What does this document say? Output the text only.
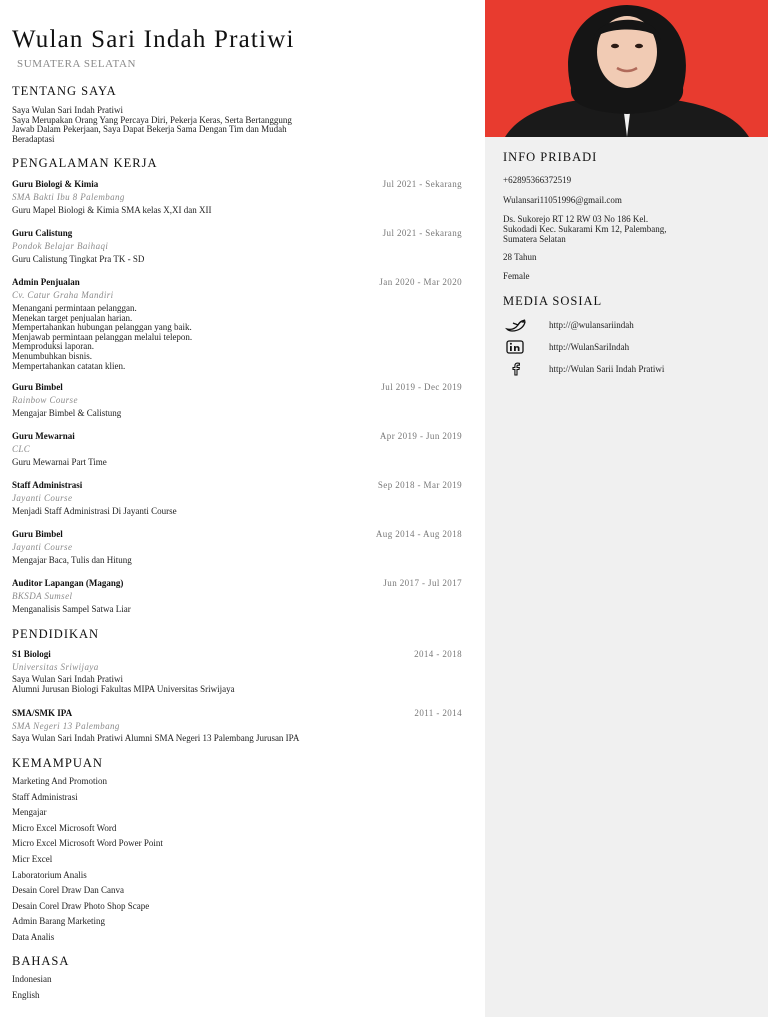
Wulan Sari Indah Pratiwi
SUMATERA SELATAN
TENTANG SAYA
Saya Wulan Sari Indah Pratiwi
Saya Merupakan Orang Yang Percaya Diri, Pekerja Keras, Serta Bertanggung
Jawab Dalam Pekerjaan, Saya Dapat Bekerja Sama Dengan Tim dan Mudah
Beradaptasi
PENGALAMAN KERJA
Guru Biologi & Kimia	Jul 2021 - Sekarang
SMA Bakti Ibu 8 Palembang
Guru Mapel Biologi & Kimia SMA kelas X,XI dan XII
Guru Calistung	Jul 2021 - Sekarang
Pondok Belajar Baihaqi
Guru Calistung Tingkat Pra TK - SD
Admin Penjualan	Jan 2020 - Mar 2020
Cv. Catur Graha Mandiri
Menangani permintaan pelanggan.
Menekan target penjualan harian.
Mempertahankan hubungan pelanggan yang baik.
Menjawab permintaan pelanggan melalui telepon.
Memproduksi laporan.
Menumbuhkan bisnis.
Mempertahankan catatan klien.
Guru Bimbel	Jul 2019 - Dec 2019
Rainbow Course
Mengajar Bimbel & Calistung
Guru Mewarnai	Apr 2019 - Jun 2019
CLC
Guru Mewarnai Part Time
Staff Administrasi	Sep 2018 - Mar 2019
Jayanti Course
Menjadi Staff Administrasi Di Jayanti Course
Guru Bimbel	Aug 2014 - Aug 2018
Jayanti Course
Mengajar Baca, Tulis dan Hitung
Auditor Lapangan (Magang)	Jun 2017 - Jul 2017
BKSDA Sumsel
Menganalisis Sampel Satwa Liar
PENDIDIKAN
S1 Biologi	2014 - 2018
Universitas Sriwijaya
Saya Wulan Sari Indah Pratiwi
Alumni Jurusan Biologi Fakultas MIPA Universitas Sriwijaya
SMA/SMK IPA	2011 - 2014
SMA Negeri 13 Palembang
Saya Wulan Sari Indah Pratiwi Alumni SMA Negeri 13 Palembang Jurusan IPA
KEMAMPUAN
Marketing And Promotion
Staff Administrasi
Mengajar
Micro Excel Microsoft Word
Micro Excel Microsoft Word Power Point
Micr Excel
Laboratorium Analis
Desain Corel Draw Dan Canva
Desain Corel Draw Photo Shop Scape
Admin Barang Marketing
Data Analis
BAHASA
Indonesian
English
INFO PRIBADI
+62895366372519
Wulansari11051996@gmail.com
Ds. Sukorejo RT 12 RW 03 No 186 Kel.
Sukodadi Kec. Sukarami Km 12, Palembang,
Sumatera Selatan
28 Tahun
Female
MEDIA SOSIAL
http://@wulansariindah
http://WulanSariIndah
http://Wulan Sarii Indah Pratiwi
